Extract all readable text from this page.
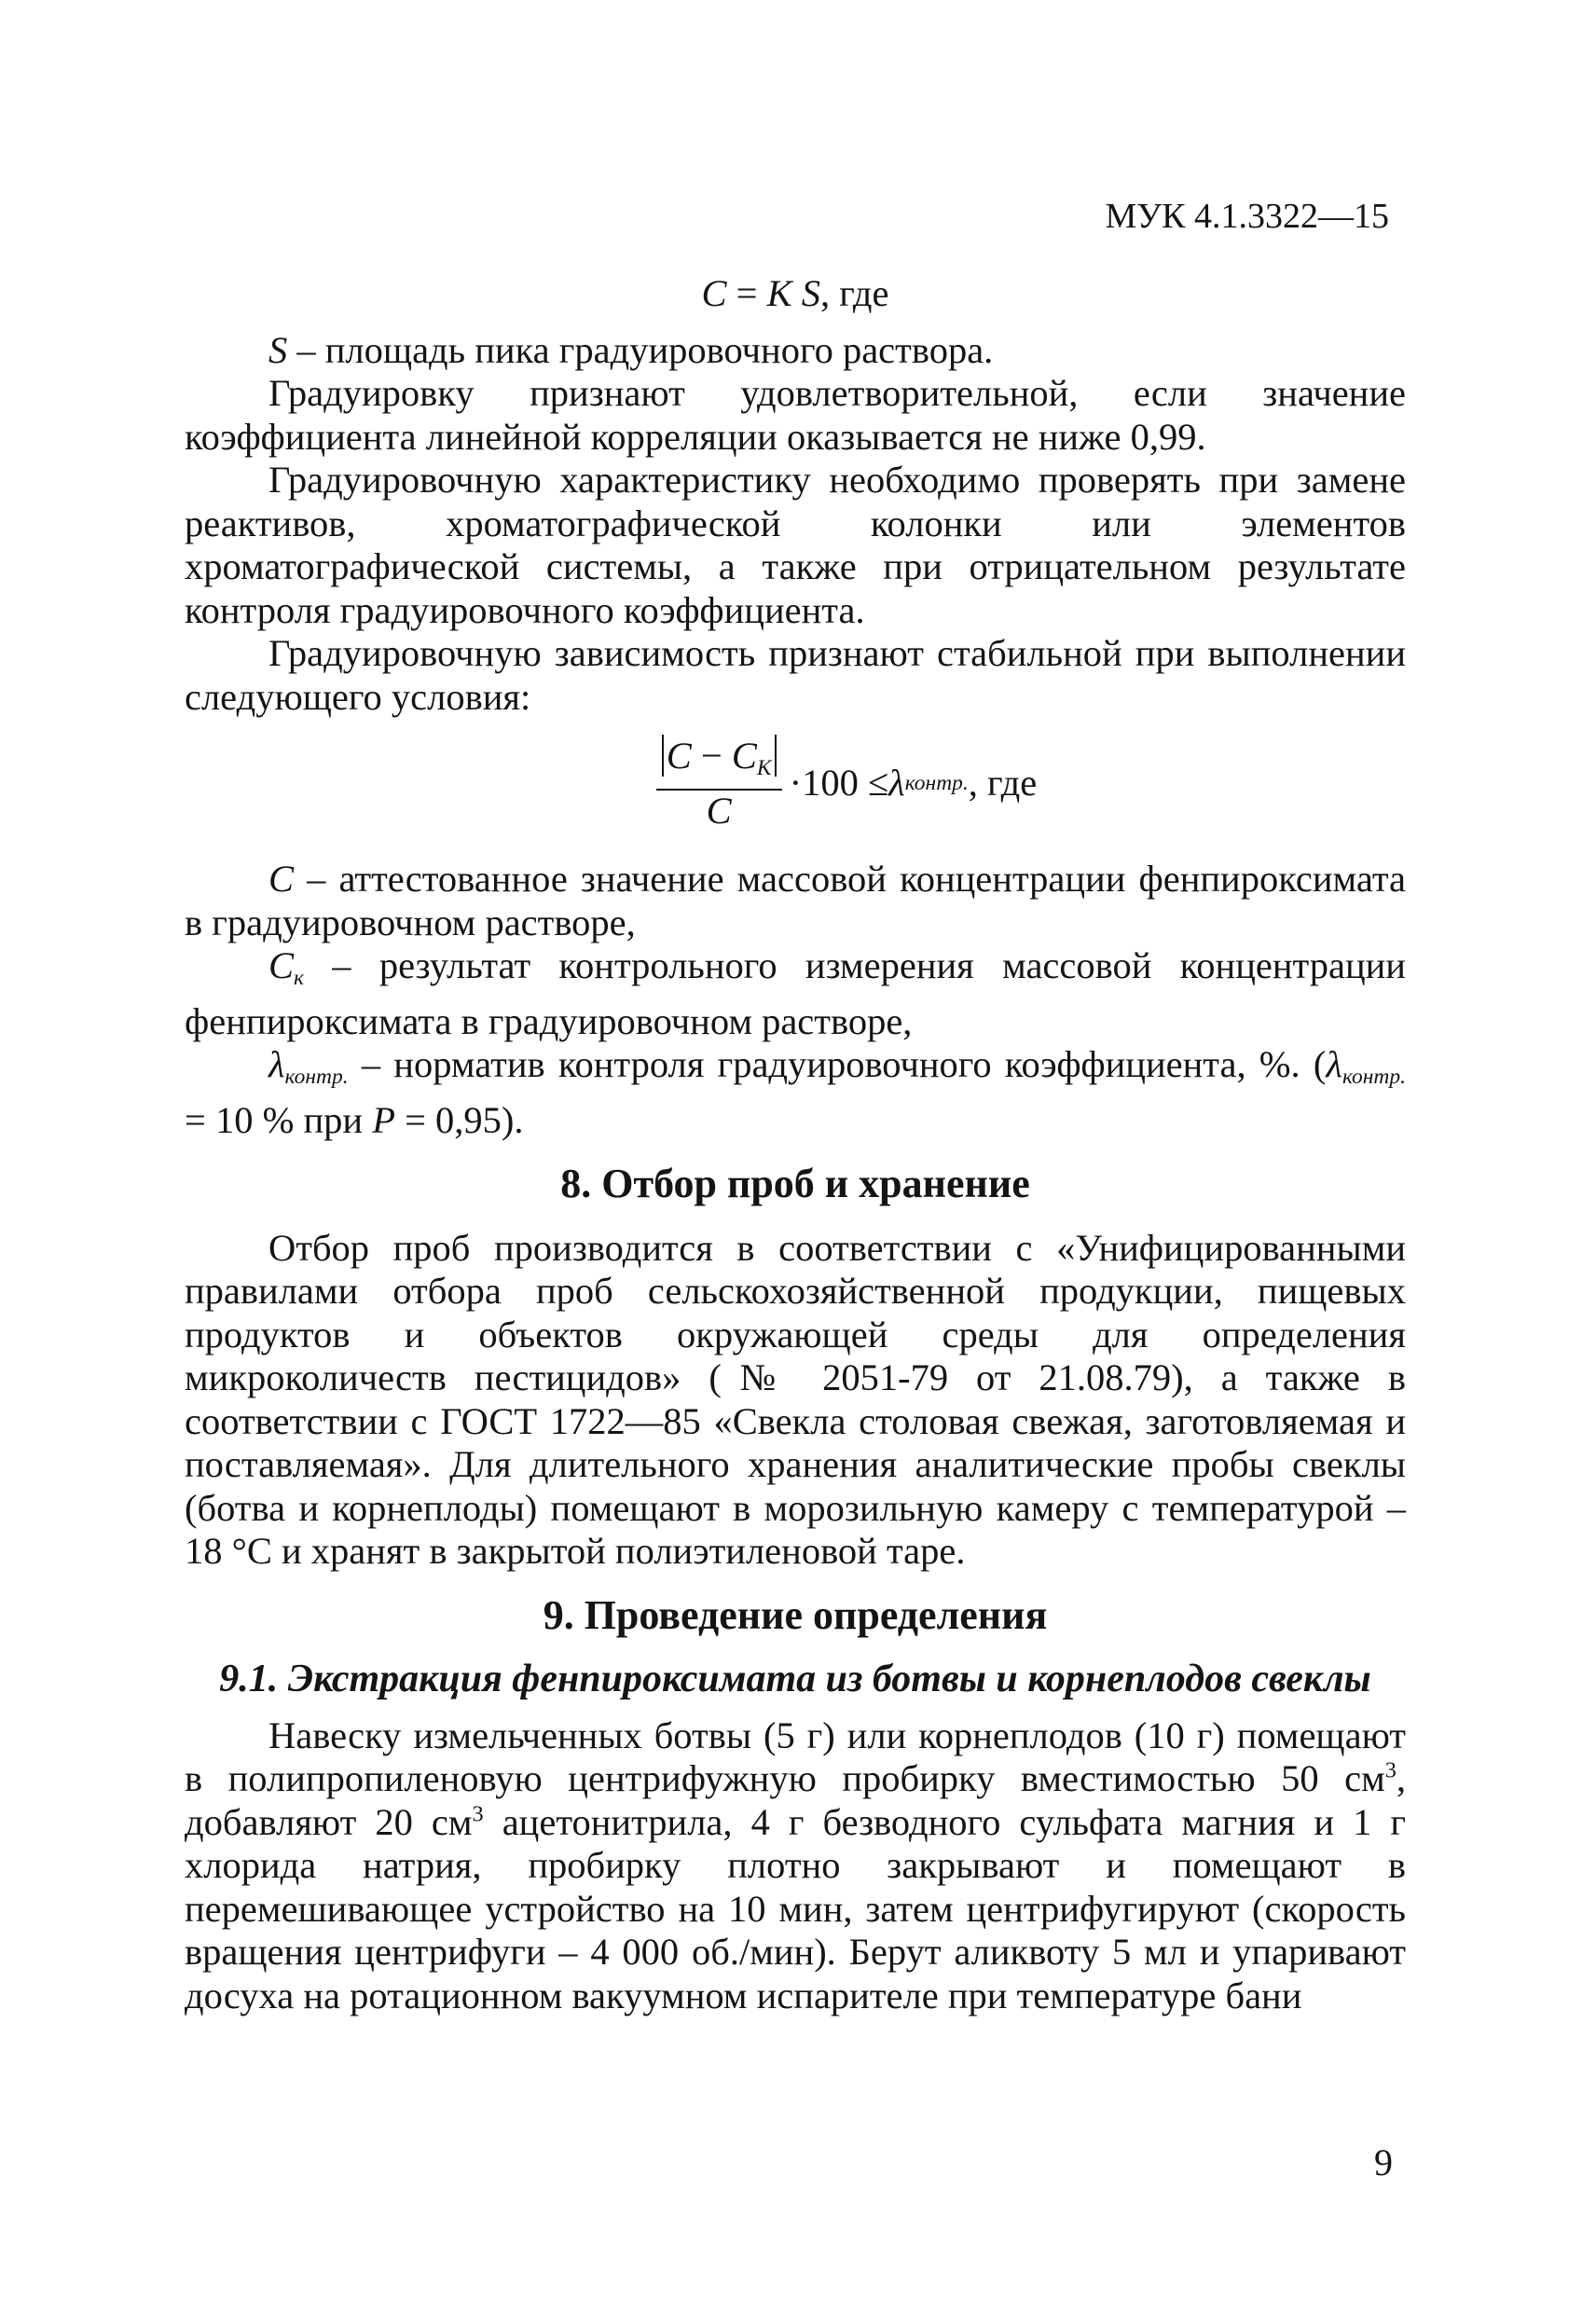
МУК 4.1.3322—15

C = K S, где

S – площадь пика градуировочного раствора.

Градуировку признают удовлетворительной, если значение коэффициента линейной корреляции оказывается не ниже 0,99.

Градуировочную характеристику необходимо проверять при замене реактивов, хроматографической колонки или элементов хроматографической системы, а также при отрицательном результате контроля градуировочного коэффициента.

Градуировочную зависимость признают стабильной при выполнении следующего условия:

$\frac{C - C_K}{C} \cdot 100 \le \lambda$ контр. , где

C – аттестованное значение массовой концентрации фенпироксимата в градуировочном растворе,

$C_к$ – результат контрольного измерения массовой концентрации фенпироксимата в градуировочном растворе,

$\lambda_{контр.}$ – норматив контроля градуировочного коэффициента, %. ($\lambda_{контр.} = 10$ % при P = 0,95).

8. Отбор проб и хранение

Отбор проб производится в соответствии с «Унифицированными правилами отбора проб сельскохозяйственной продукции, пищевых продуктов и объектов окружающей среды для определения микроколичеств пестицидов» (№ 2051-79 от 21.08.79), а также в соответствии с ГОСТ 1722—85 «Свекла столовая свежая, заготовляемая и поставляемая». Для длительного хранения аналитические пробы свеклы (ботва и корнеплоды) помещают в морозильную камеру с температурой –18 °С и хранят в закрытой полиэтиленовой таре.

9. Проведение определения
9.1. Экстракция фенпироксимата из ботвы и корнеплодов свеклы

Навеску измельченных ботвы (5 г) или корнеплодов (10 г) помещают в полипропиленовую центрифужную пробирку вместимостью 50 $см^3$, добавляют 20 $см^3$ ацетонитрила, 4 г безводного сульфата магния и 1 г хлорида натрия, пробирку плотно закрывают и помещают в перемешивающее устройство на 10 мин, затем центрифугируют (скорость вращения центрифуги – 4 000 об./мин). Берут аликвоту 5 мл и упаривают досуха на ротационном вакуумном испарителе при температуре бани

9
